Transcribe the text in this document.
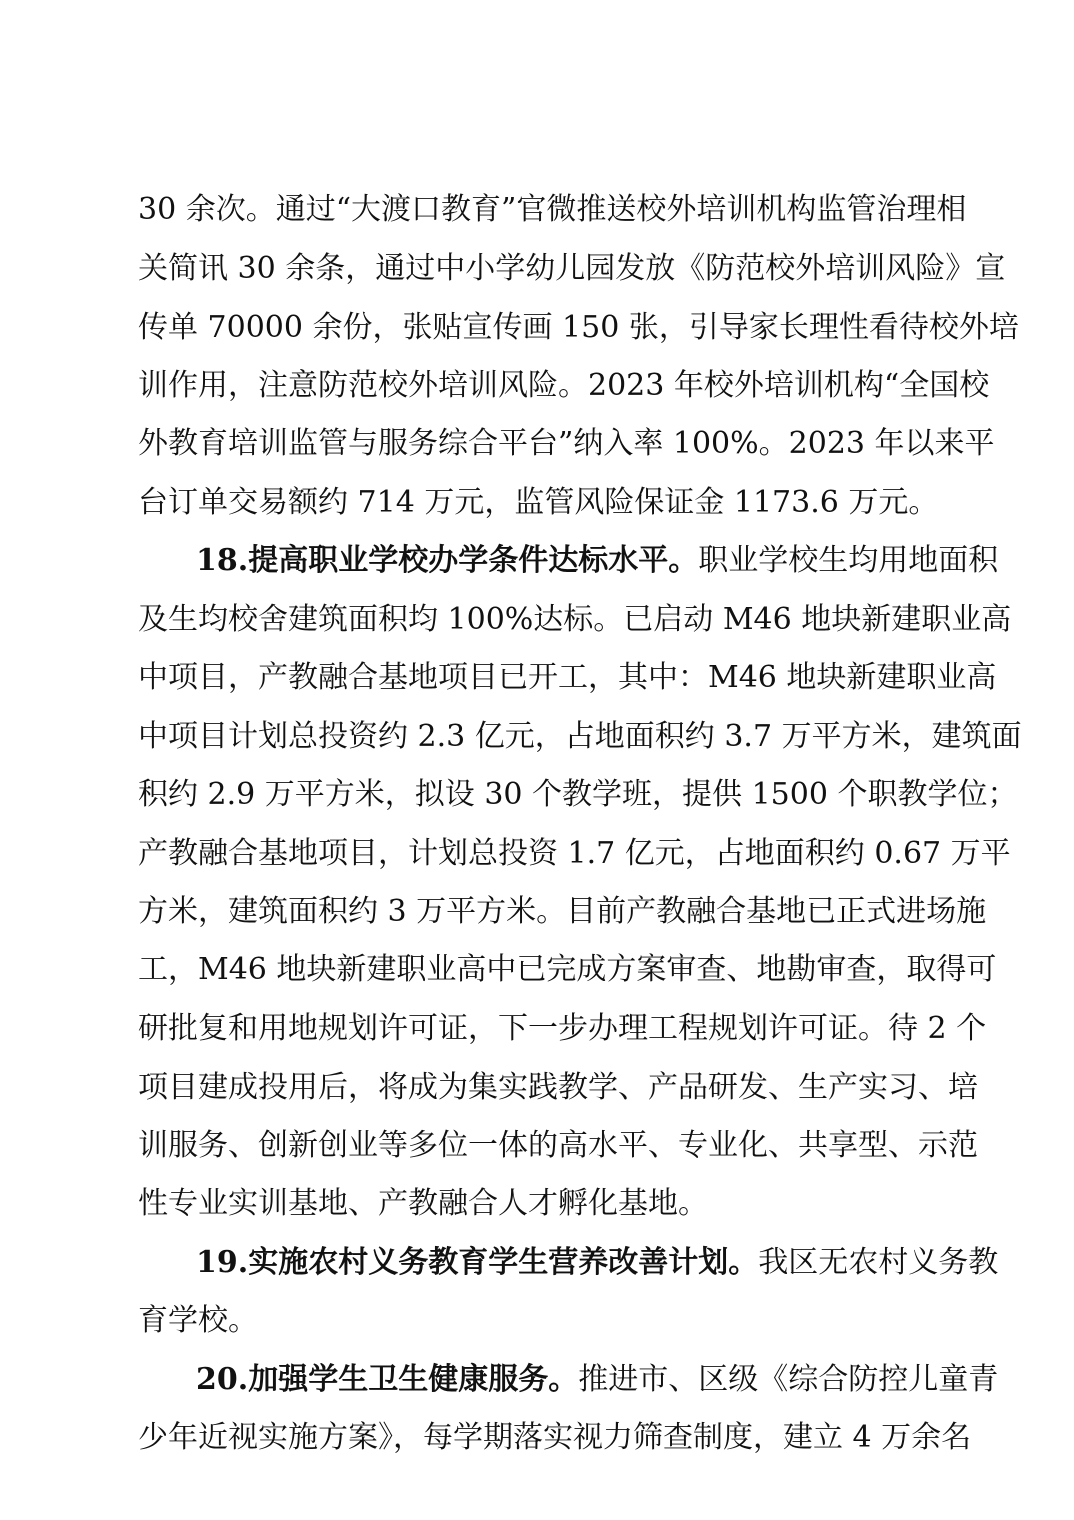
30 余次。通过“大渡口教育”官微推送校外培训机构监管治理相
关简讯 30 余条，通过中小学幼儿园发放《防范校外培训风险》宣
传单 70000 余份，张贴宣传画 150 张，引导家长理性看待校外培
训作用，注意防范校外培训风险。2023 年校外培训机构“全国校
外教育培训监管与服务综合平台”纳入率 100%。2023 年以来平
台订单交易额约 714 万元，监管风险保证金 1173.6 万元。
18.提高职业学校办学条件达标水平。职业学校生均用地面积
及生均校舍建筑面积均 100%达标。已启动 M46 地块新建职业高
中项目，产教融合基地项目已开工，其中：M46 地块新建职业高
中项目计划总投资约 2.3 亿元，占地面积约 3.7 万平方米，建筑面
积约 2.9 万平方米，拟设 30 个教学班，提供 1500 个职教学位；
产教融合基地项目，计划总投资 1.7 亿元，占地面积约 0.67 万平
方米，建筑面积约 3 万平方米。目前产教融合基地已正式进场施
工，M46 地块新建职业高中已完成方案审查、地勘审查，取得可
研批复和用地规划许可证，下一步办理工程规划许可证。待 2 个
项目建成投用后，将成为集实践教学、产品研发、生产实习、培
训服务、创新创业等多位一体的高水平、专业化、共享型、示范
性专业实训基地、产教融合人才孵化基地。
19.实施农村义务教育学生营养改善计划。我区无农村义务教
育学校。
20.加强学生卫生健康服务。推进市、区级《综合防控儿童青
少年近视实施方案》，每学期落实视力筛查制度，建立 4 万余名
